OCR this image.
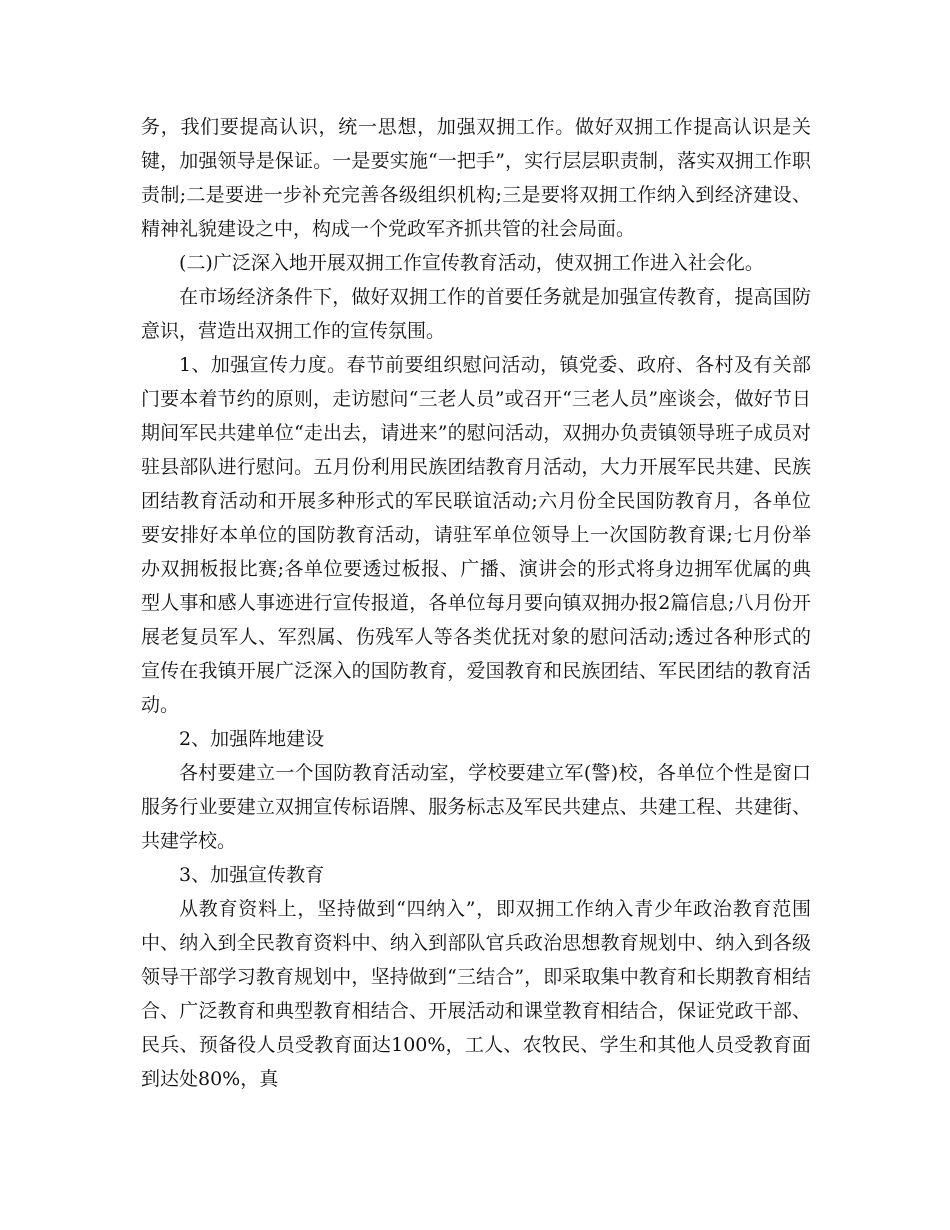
务，我们要提高认识，统一思想，加强双拥工作。做好双拥工作提高认识是关键，加强领导是保证。一是要实施“一把手”，实行层层职责制，落实双拥工作职责制;二是要进一步补充完善各级组织机构;三是要将双拥工作纳入到经济建设、精神礼貌建设之中，构成一个党政军齐抓共管的社会局面。

(二)广泛深入地开展双拥工作宣传教育活动，使双拥工作进入社会化。

在市场经济条件下，做好双拥工作的首要任务就是加强宣传教育，提高国防意识，营造出双拥工作的宣传氛围。

1、加强宣传力度。春节前要组织慰问活动，镇党委、政府、各村及有关部门要本着节约的原则，走访慰问“三老人员”或召开“三老人员”座谈会，做好节日期间军民共建单位“走出去，请进来”的慰问活动，双拥办负责镇领导班子成员对驻县部队进行慰问。五月份利用民族团结教育月活动，大力开展军民共建、民族团结教育活动和开展多种形式的军民联谊活动;六月份全民国防教育月，各单位要安排好本单位的国防教育活动，请驻军单位领导上一次国防教育课;七月份举办双拥板报比赛;各单位要透过板报、广播、演讲会的形式将身边拥军优属的典型人事和感人事迹进行宣传报道，各单位每月要向镇双拥办报2篇信息;八月份开展老复员军人、军烈属、伤残军人等各类优抚对象的慰问活动;透过各种形式的宣传在我镇开展广泛深入的国防教育，爱国教育和民族团结、军民团结的教育活动。

2、加强阵地建设

各村要建立一个国防教育活动室，学校要建立军(警)校，各单位个性是窗口服务行业要建立双拥宣传标语牌、服务标志及军民共建点、共建工程、共建街、共建学校。

3、加强宣传教育

从教育资料上，坚持做到“四纳入”，即双拥工作纳入青少年政治教育范围中、纳入到全民教育资料中、纳入到部队官兵政治思想教育规划中、纳入到各级领导干部学习教育规划中，坚持做到“三结合”，即采取集中教育和长期教育相结合、广泛教育和典型教育相结合、开展活动和课堂教育相结合，保证党政干部、民兵、预备役人员受教育面达100%，工人、农牧民、学生和其他人员受教育面到达处80%，真
